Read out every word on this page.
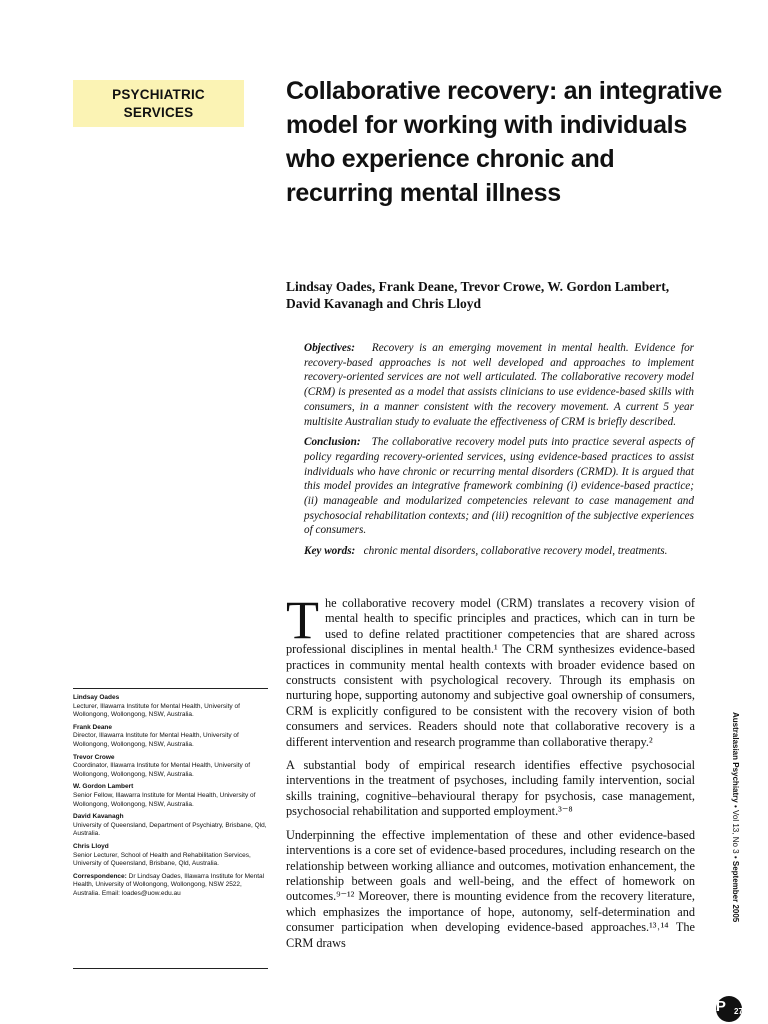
PSYCHIATRIC
SERVICES
Collaborative recovery: an integrative model for working with individuals who experience chronic and recurring mental illness

Lindsay Oades, Frank Deane, Trevor Crowe, W. Gordon Lambert, David Kavanagh and Chris Lloyd

Objectives: Recovery is an emerging movement in mental health. Evidence for recovery-based approaches is not well developed and approaches to implement recovery-oriented services are not well articulated. The collaborative recovery model (CRM) is presented as a model that assists clinicians to use evidence-based skills with consumers, in a manner consistent with the recovery movement. A current 5 year multisite Australian study to evaluate the effectiveness of CRM is briefly described.

Conclusion: The collaborative recovery model puts into practice several aspects of policy regarding recovery-oriented services, using evidence-based practices to assist individuals who have chronic or recurring mental disorders (CRMD). It is argued that this model provides an integrative framework combining (i) evidence-based practice; (ii) manageable and modularized competencies relevant to case management and psychosocial rehabilitation contexts; and (iii) recognition of the subjective experiences of consumers.

Key words: chronic mental disorders, collaborative recovery model, treatments.

T he collaborative recovery model (CRM) translates a recovery vision of mental health to specific principles and practices, which can in turn be used to define related practitioner competencies that are shared across professional disciplines in mental health.¹ The CRM synthesizes evidence-based practices in community mental health contexts with broader evidence based on constructs consistent with psychological recovery. Through its emphasis on nurturing hope, supporting autonomy and subjective goal ownership of consumers, CRM is explicitly configured to be consistent with the recovery vision of both consumers and services. Readers should note that collaborative recovery is a different intervention and research programme than collaborative therapy.²

A substantial body of empirical research identifies effective psychosocial interventions in the treatment of psychoses, including family intervention, social skills training, cognitive–behavioural therapy for psychosis, case management, psychosocial rehabilitation and supported employment.³⁻⁸

Underpinning the effective implementation of these and other evidence-based interventions is a core set of evidence-based procedures, including research on the relationship between working alliance and outcomes, motivation enhancement, the relationship between goals and well-being, and the effect of homework on outcomes.⁹⁻¹² Moreover, there is mounting evidence from the recovery literature, which emphasizes the importance of hope, autonomy, self-determination and consumer participation when developing evidence-based approaches.¹³˒¹⁴ The CRM draws

Lindsay Oades
Lecturer, Illawarra Institute for Mental Health, University of Wollongong, Wollongong, NSW, Australia.
Frank Deane
Director, Illawarra Institute for Mental Health, University of Wollongong, Wollongong, NSW, Australia.
Trevor Crowe
Coordinator, Illawarra Institute for Mental Health, University of Wollongong, Wollongong, NSW, Australia.
W. Gordon Lambert
Senior Fellow, Illawarra Institute for Mental Health, University of Wollongong, Wollongong, NSW, Australia.
David Kavanagh
University of Queensland, Department of Psychiatry, Brisbane, Qld, Australia.
Chris Lloyd
Senior Lecturer, School of Health and Rehabilitation Services, University of Queensland, Brisbane, Qld, Australia.
Correspondence: Dr Lindsay Oades, Illawarra Institute for Mental Health, University of Wollongong, Wollongong, NSW 2522, Australia. Email: loades@uow.edu.au
Australasian Psychiatry • Vol 13, No 3 • September 2005
AP 279
